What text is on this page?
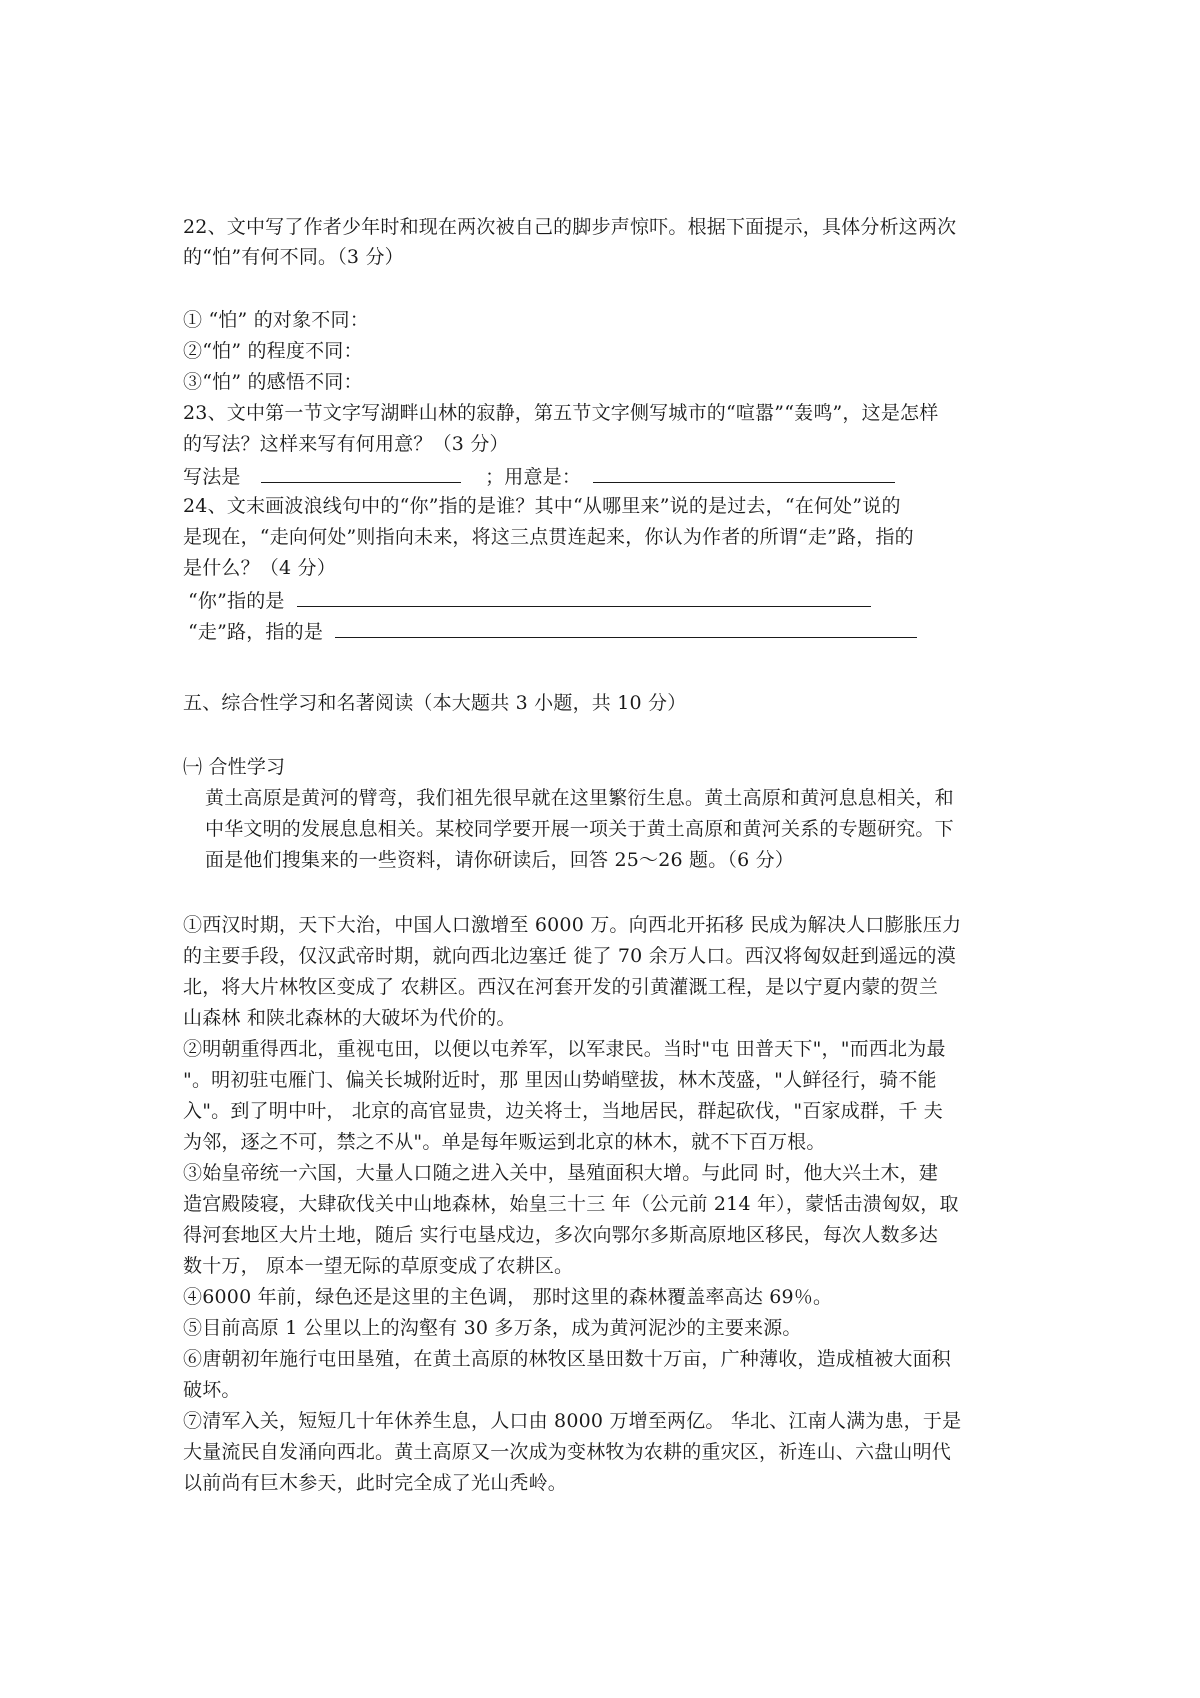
22、文中写了作者少年时和现在两次被自己的脚步声惊吓。根据下面提示，具体分析这两次
的“怕”有何不同。（3 分）
① “怕” 的对象不同：
②“怕” 的程度不同：
③“怕” 的感悟不同：
23、文中第一节文字写湖畔山林的寂静，第五节文字侧写城市的“喧嚣”“轰鸣”，这是怎样
的写法？这样来写有何用意？（3 分）
写法是	；用意是：
24、文末画波浪线句中的“你”指的是谁？其中“从哪里来”说的是过去，“在何处”说的
是现在，“走向何处”则指向未来，将这三点贯连起来，你认为作者的所谓“走”路，指的
是什么？（4 分）
“你”指的是
“走”路，指的是
五、综合性学习和名著阅读（本大题共 3 小题，共 10 分）
㈠ 合性学习
黄土高原是黄河的臂弯，我们祖先很早就在这里繁衍生息。黄土高原和黄河息息相关，和
中华文明的发展息息相关。某校同学要开展一项关于黄土高原和黄河关系的专题研究。下
面是他们搜集来的一些资料，请你研读后，回答 25～26 题。（6 分）
①西汉时期，天下大治，中国人口激增至 6000 万。向西北开拓移 民成为解决人口膨胀压力
的主要手段，仅汉武帝时期，就向西北边塞迁 徙了 70 余万人口。西汉将匈奴赶到遥远的漠
北，将大片林牧区变成了 农耕区。西汉在河套开发的引黄灌溉工程，是以宁夏内蒙的贺兰
山森林 和陕北森林的大破坏为代价的。
②明朝重得西北，重视屯田，以便以屯养军，以军隶民。当时"屯 田普天下"，"而西北为最
"。明初驻屯雁门、偏关长城附近时，那 里因山势峭壁拔，林木茂盛，"人鲜径行，骑不能
入"。到了明中叶， 北京的高官显贵，边关将士，当地居民，群起砍伐，"百家成群，千 夫
为邻，逐之不可，禁之不从"。单是每年贩运到北京的林木，就不下百万根。
③始皇帝统一六国，大量人口随之进入关中，垦殖面积大增。与此同 时，他大兴土木，建
造宫殿陵寝，大肆砍伐关中山地森林，始皇三十三 年（公元前 214 年），蒙恬击溃匈奴，取
得河套地区大片土地，随后 实行屯垦戍边，多次向鄂尔多斯高原地区移民，每次人数多达
数十万， 原本一望无际的草原变成了农耕区。
④6000 年前，绿色还是这里的主色调， 那时这里的森林覆盖率高达 69％。
⑤目前高原 1 公里以上的沟壑有 30 多万条，成为黄河泥沙的主要来源。
⑥唐朝初年施行屯田垦殖，在黄土高原的林牧区垦田数十万亩，广种薄收，造成植被大面积
破坏。
⑦清军入关，短短几十年休养生息，人口由 8000 万增至两亿。 华北、江南人满为患，于是
大量流民自发涌向西北。黄土高原又一次成为变林牧为农耕的重灾区，祈连山、六盘山明代
以前尚有巨木参天，此时完全成了光山秃岭。
